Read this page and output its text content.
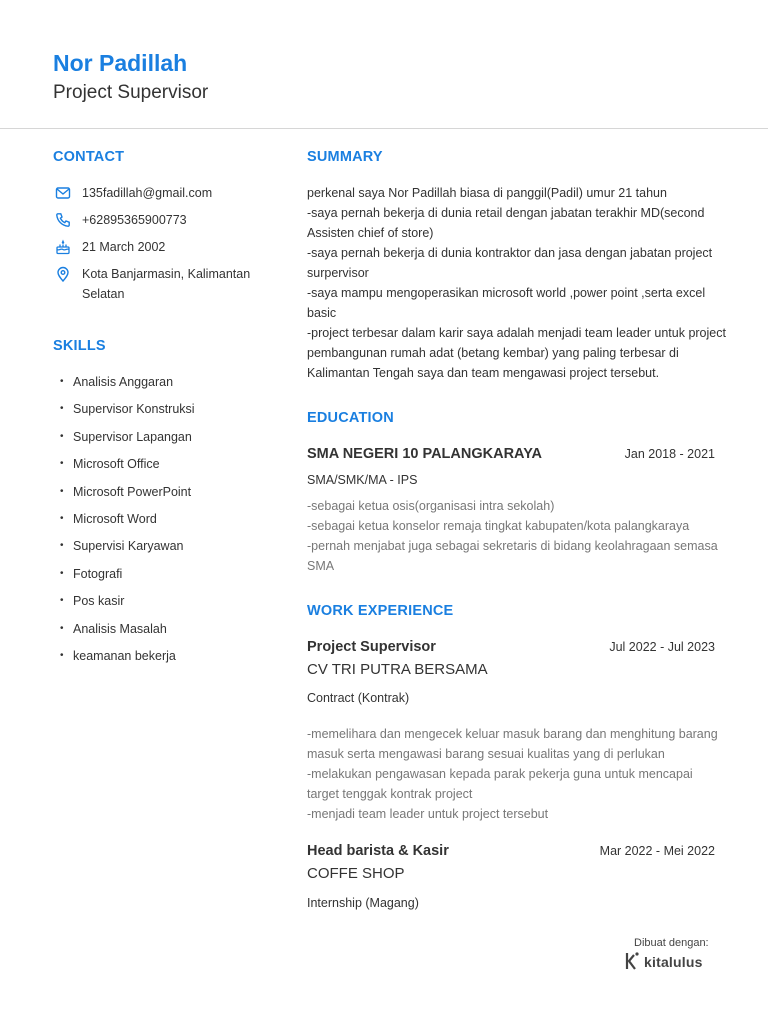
Nor Padillah
Project Supervisor
CONTACT
135fadillah@gmail.com
+62895365900773
21 March 2002
Kota Banjarmasin, Kalimantan
Selatan
SKILLS
• Analisis Anggaran
• Supervisor Konstruksi
• Supervisor Lapangan
• Microsoft Office
• Microsoft PowerPoint
• Microsoft Word
• Supervisi Karyawan
• Fotografi
• Pos kasir
• Analisis Masalah
• keamanan bekerja
SUMMARY
perkenal saya Nor Padillah biasa di panggil(Padil) umur 21 tahun
-saya pernah bekerja di dunia retail dengan jabatan terakhir MD(second
Assisten chief of store)
-saya pernah bekerja di dunia kontraktor dan jasa dengan jabatan project
surpervisor
-saya mampu mengoperasikan microsoft world ,power point ,serta excel
basic
-project terbesar dalam karir saya adalah menjadi team leader untuk project
pembangunan rumah adat (betang kembar) yang paling terbesar di
Kalimantan Tengah saya dan team mengawasi project tersebut.
EDUCATION
SMA NEGERI 10 PALANGKARAYA	Jan 2018 - 2021
SMA/SMK/MA - IPS
-sebagai ketua osis(organisasi intra sekolah)
-sebagai ketua konselor remaja tingkat kabupaten/kota palangkaraya
-pernah menjabat juga sebagai sekretaris di bidang keolahragaan semasa
SMA
WORK EXPERIENCE
Project Supervisor	Jul 2022 - Jul 2023
CV TRI PUTRA BERSAMA
Contract (Kontrak)
-memelihara dan mengecek keluar masuk barang dan menghitung barang
masuk serta mengawasi barang sesuai kualitas yang di perlukan
-melakukan pengawasan kepada parak pekerja guna untuk mencapai
target tenggak kontrak project
-menjadi team leader untuk project tersebut
Head barista & Kasir	Mar 2022 - Mei 2022
COFFE SHOP
Internship (Magang)
Dibuat dengan:
kitalulus
